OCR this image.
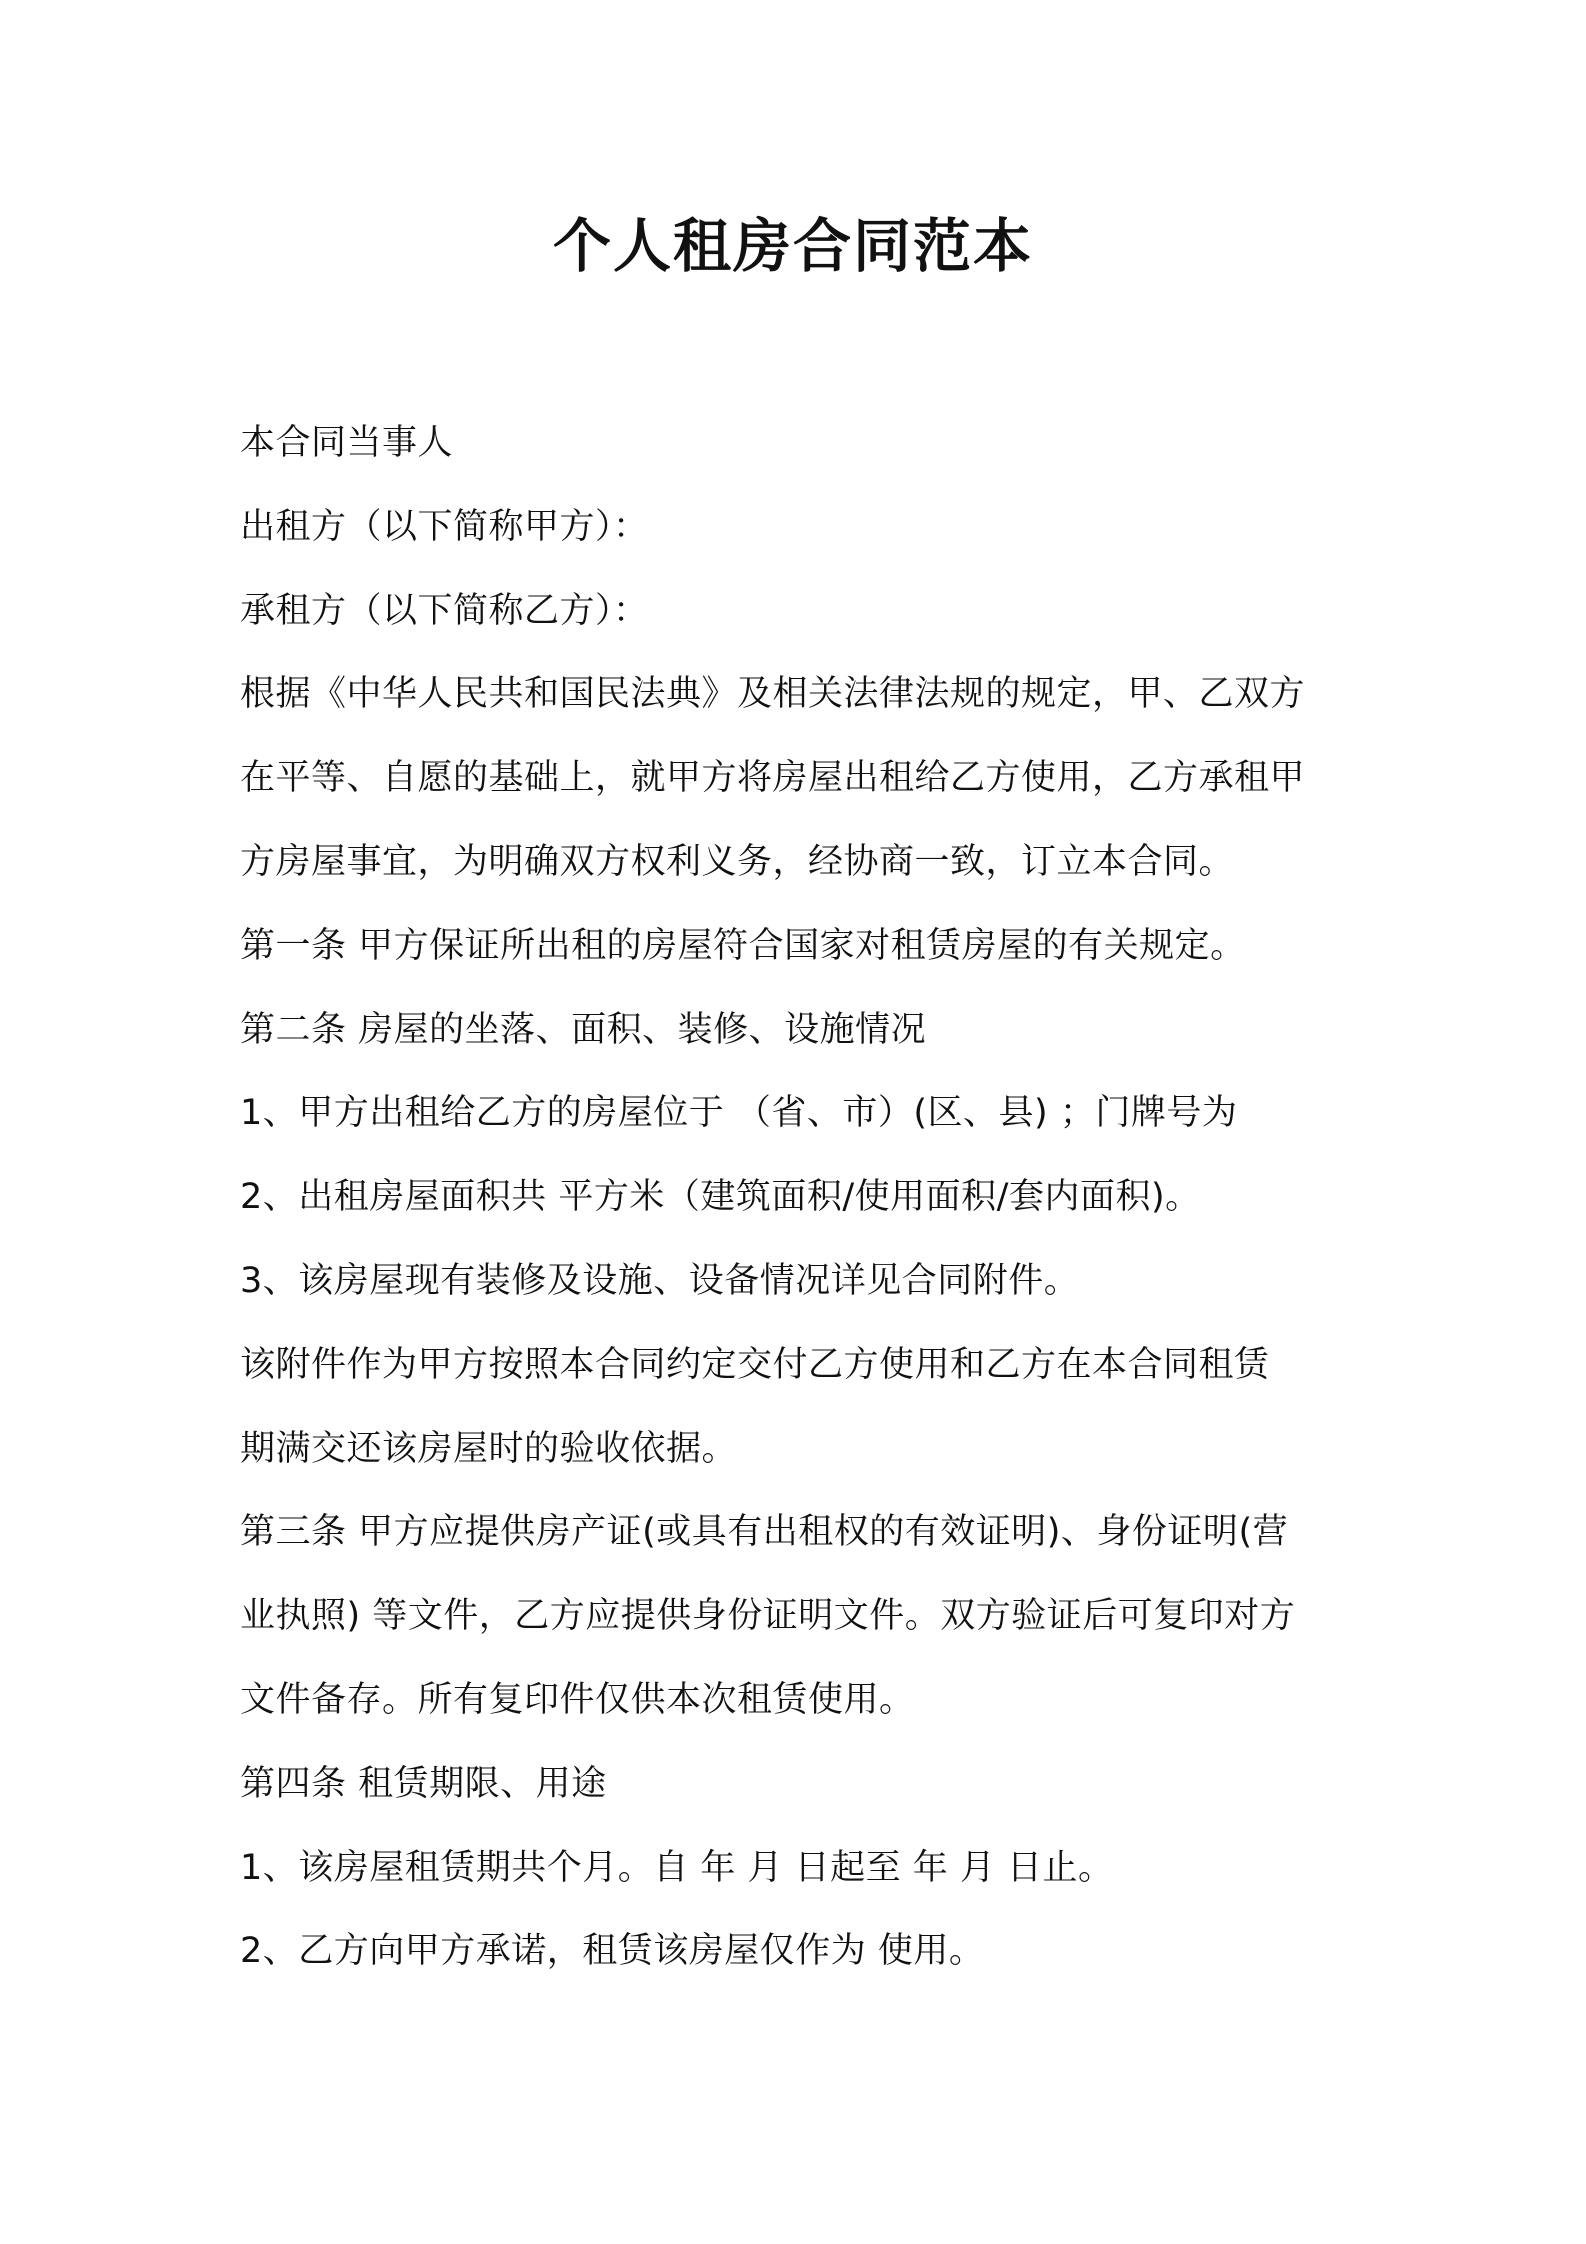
个人租房合同范本
本合同当事人
出租方（以下简称甲方）：
承租方（以下简称乙方）：
根据《中华人民共和国民法典》及相关法律法规的规定，甲、乙双方
在平等、自愿的基础上，就甲方将房屋出租给乙方使用，乙方承租甲
方房屋事宜，为明确双方权利义务，经协商一致，订立本合同。
第一条 甲方保证所出租的房屋符合国家对租赁房屋的有关规定。
第二条 房屋的坐落、面积、装修、设施情况
1、甲方出租给乙方的房屋位于 （省、市）(区、县) ；门牌号为
2、出租房屋面积共 平方米（建筑面积/使用面积/套内面积)。
3、该房屋现有装修及设施、设备情况详见合同附件。
该附件作为甲方按照本合同约定交付乙方使用和乙方在本合同租赁
期满交还该房屋时的验收依据。
第三条 甲方应提供房产证(或具有出租权的有效证明)、身份证明(营
业执照) 等文件，乙方应提供身份证明文件。双方验证后可复印对方
文件备存。所有复印件仅供本次租赁使用。
第四条 租赁期限、用途
1、该房屋租赁期共个月。自 年 月 日起至 年 月 日止。
2、乙方向甲方承诺，租赁该房屋仅作为 使用。
